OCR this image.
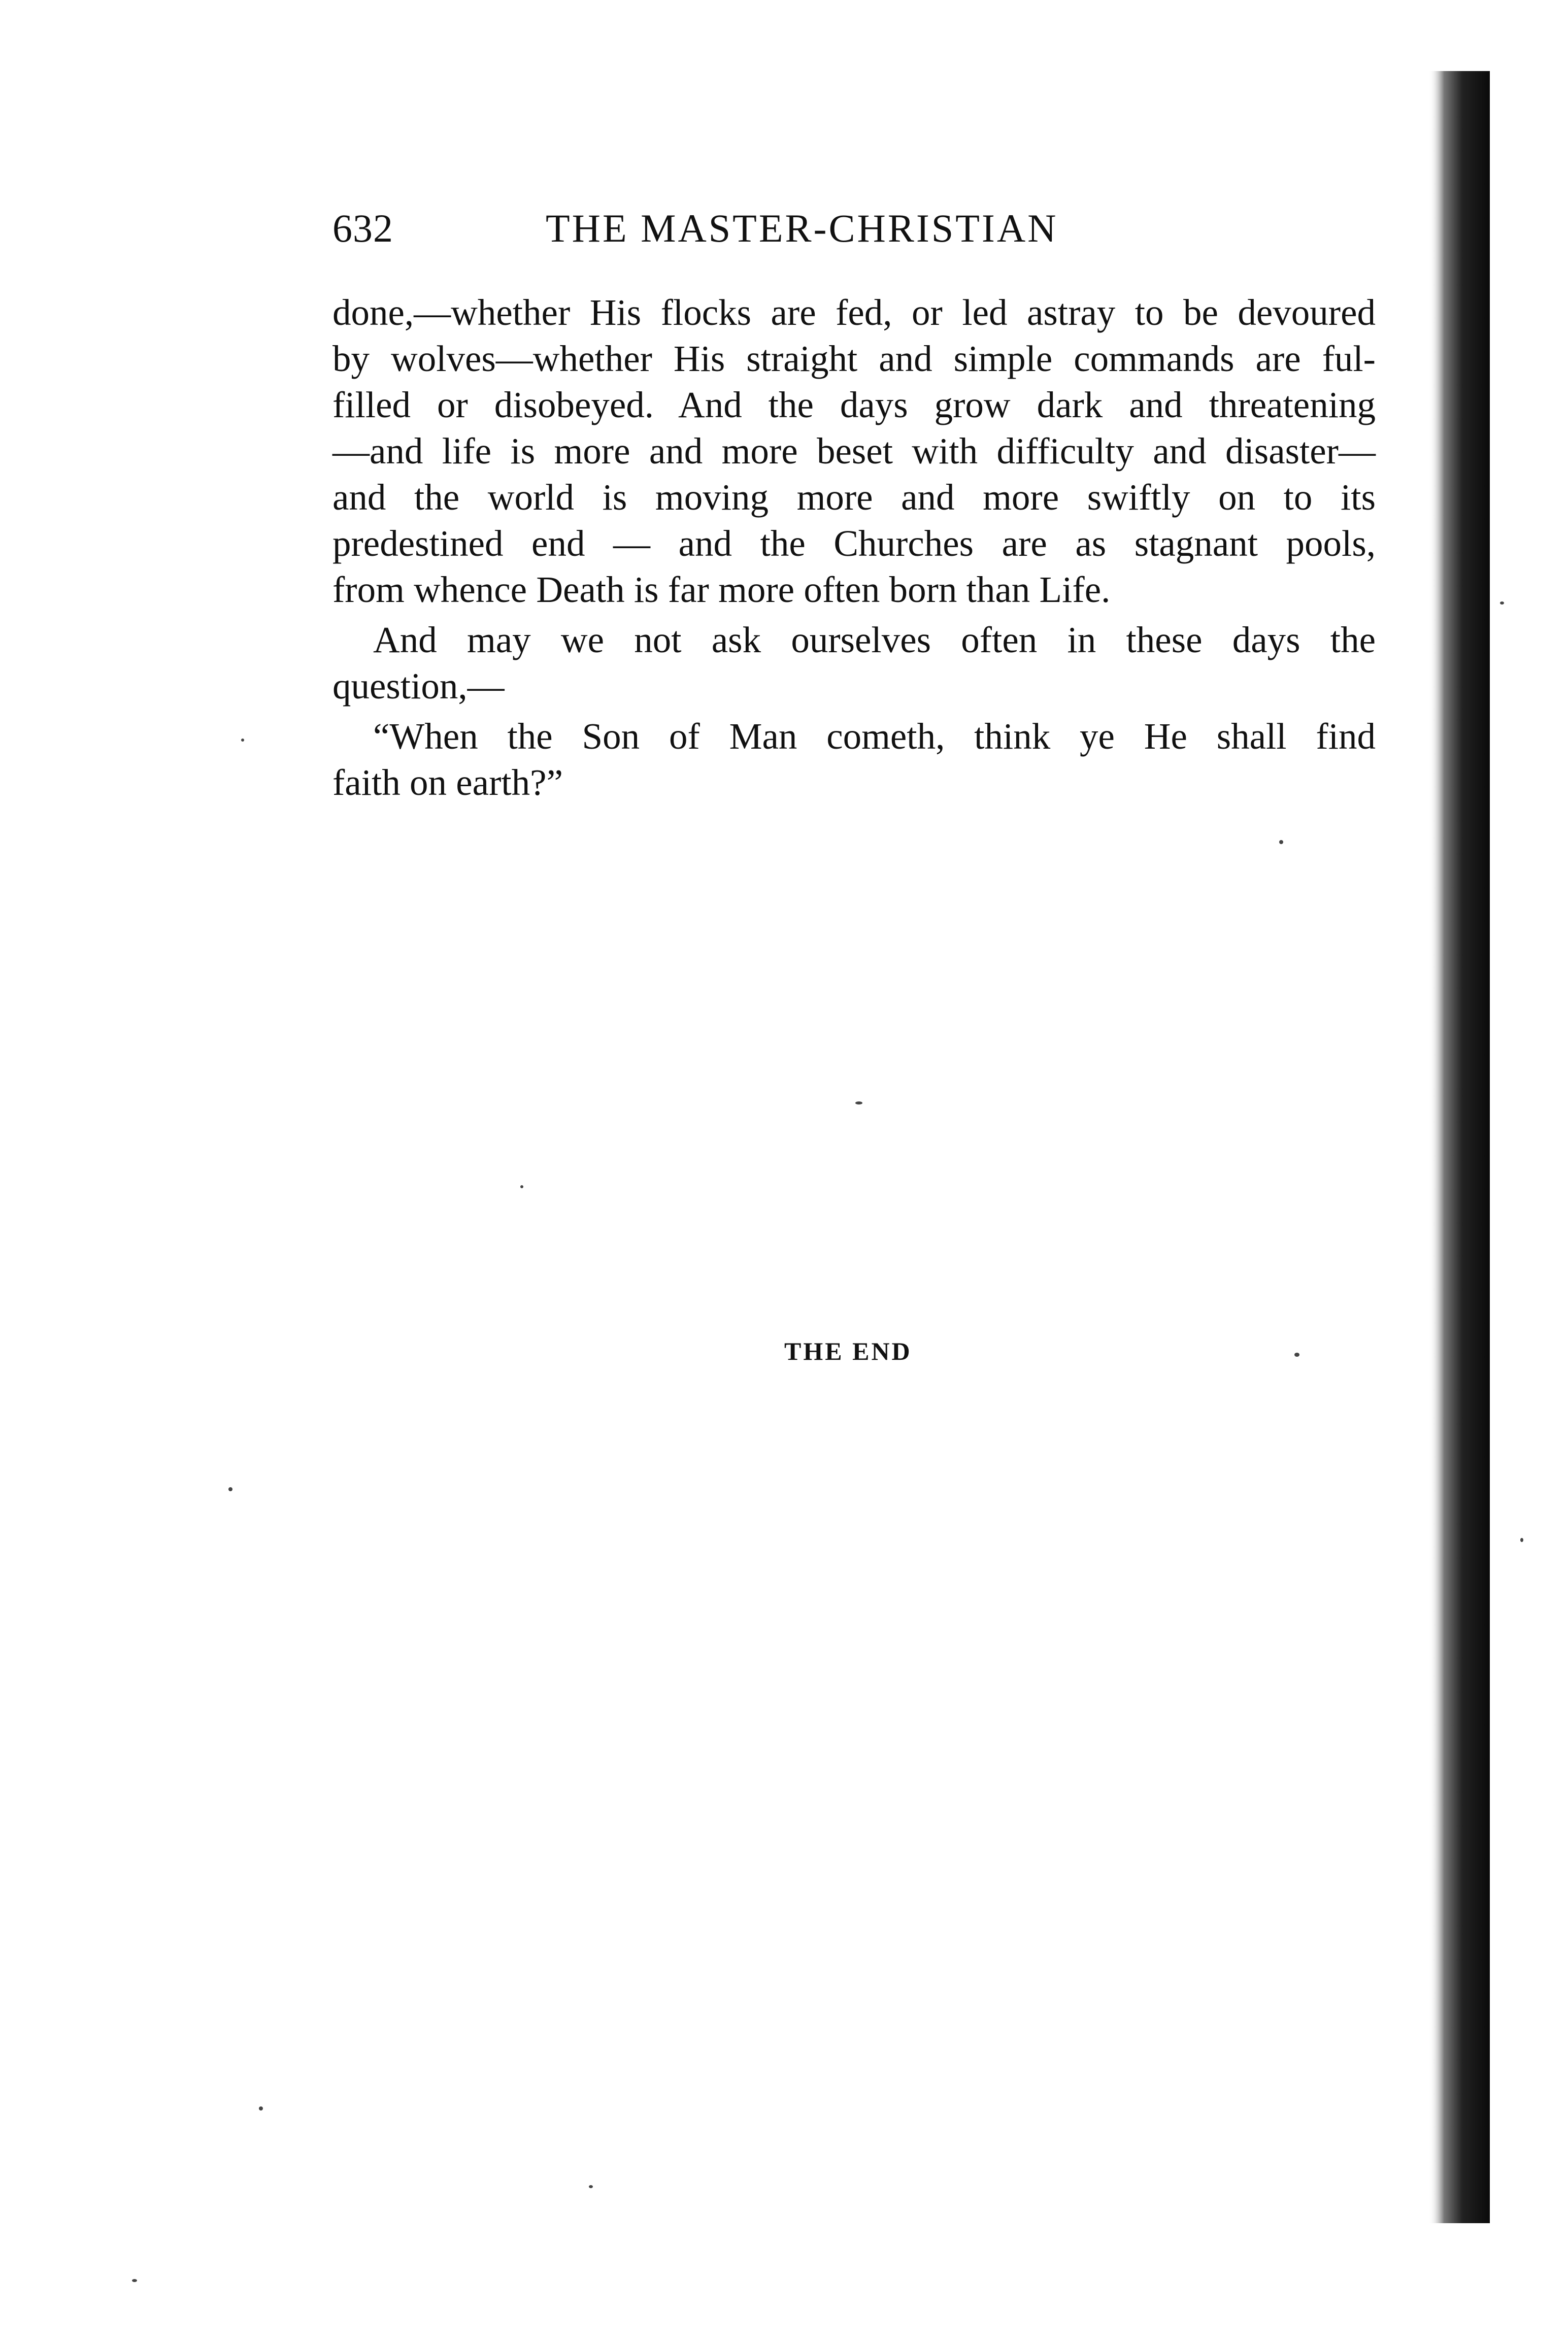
632	THE MASTER-CHRISTIAN
done,—whether His flocks are fed, or led astray to be devoured
by wolves—whether His straight and simple commands are ful-
filled or disobeyed. And the days grow dark and threatening
—and life is more and more beset with difficulty and disaster—
and the world is moving more and more swiftly on to its
predestined end — and the Churches are as stagnant pools,
from whence Death is far more often born than Life.
And may we not ask ourselves often in these days the
question,—
“When the Son of Man cometh, think ye He shall find
faith on earth?”
THE END
